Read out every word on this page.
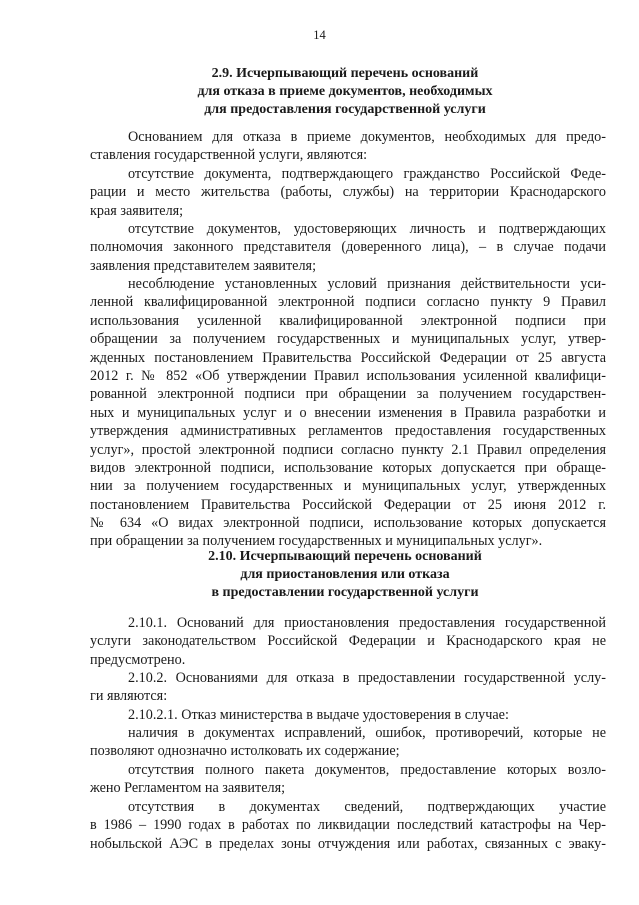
14
2.9. Исчерпывающий перечень оснований
для отказа в приеме документов, необходимых
для предоставления государственной услуги
Основанием для отказа в приеме документов, необходимых для предо-
ставления государственной услуги, являются:
отсутствие документа, подтверждающего гражданство Российской Феде-
рации и место жительства (работы, службы) на территории Краснодарского
края заявителя;
отсутствие документов, удостоверяющих личность и подтверждающих
полномочия законного представителя (доверенного лица), – в случае подачи
заявления представителем заявителя;
несоблюдение установленных условий признания действительности уси-
ленной квалифицированной электронной подписи согласно пункту 9 Правил
использования усиленной квалифицированной электронной подписи при
обращении за получением государственных и муниципальных услуг, утвер-
жденных постановлением Правительства Российской Федерации от 25 августа
2012 г. № 852 «Об утверждении Правил использования усиленной квалифици-
рованной электронной подписи при обращении за получением государствен-
ных и муниципальных услуг и о внесении изменения в Правила разработки и
утверждения административных регламентов предоставления государственных
услуг», простой электронной подписи согласно пункту 2.1 Правил определения
видов электронной подписи, использование которых допускается при обраще-
нии за получением государственных и муниципальных услуг, утвержденных
постановлением Правительства Российской Федерации от 25 июня 2012 г.
№ 634 «О видах электронной подписи, использование которых допускается
при обращении за получением государственных и муниципальных услуг».
2.10. Исчерпывающий перечень оснований
для приостановления или отказа
в предоставлении государственной услуги
2.10.1. Оснований для приостановления предоставления государственной
услуги законодательством Российской Федерации и Краснодарского края не
предусмотрено.
2.10.2. Основаниями для отказа в предоставлении государственной услу-
ги являются:
2.10.2.1. Отказ министерства в выдаче удостоверения в случае:
наличия в документах исправлений, ошибок, противоречий, которые не
позволяют однозначно истолковать их содержание;
отсутствия полного пакета документов, предоставление которых возло-
жено Регламентом на заявителя;
отсутствия в документах сведений, подтверждающих участие
в 1986 – 1990 годах в работах по ликвидации последствий катастрофы на Чер-
нобыльской АЭС в пределах зоны отчуждения или работах, связанных с эваку-
